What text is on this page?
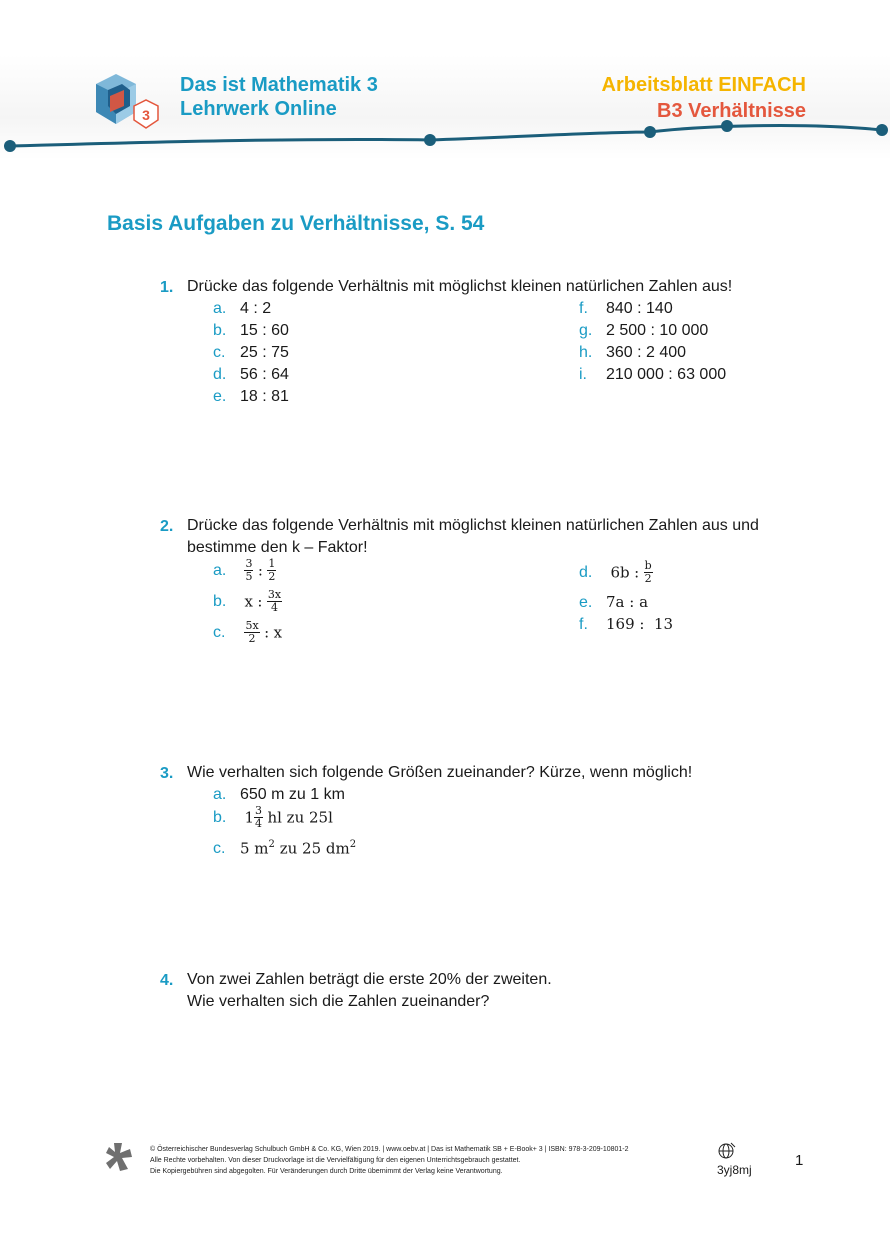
3
Das ist Mathematik 3
Lehrwerk Online
Arbeitsblatt EINFACH
B3 Verhältnisse
Basis Aufgaben zu Verhältnisse, S. 54
1. Drücke das folgende Verhältnis mit möglichst kleinen natürlichen Zahlen aus!
a. 4 : 2
b. 15 : 60
c. 25 : 75
d. 56 : 64
e. 18 : 81
f. 840 : 140
g. 2 500 : 10 000
h. 360 : 2 400
i. 210 000 : 63 000
2. Drücke das folgende Verhältnis mit möglichst kleinen natürlichen Zahlen aus und
bestimme den k – Faktor!
a. $\frac{3}{5}$ : $\frac{1}{2}$
b. x : $\frac{3x}{4}$
c. $\frac{5x}{2}$ : x
d. 6b : $\frac{b}{2}$
e. 7a : a
f. 169 :  13
3. Wie verhalten sich folgende Größen zueinander? Kürze, wenn möglich!
a. 650 m zu 1 km
b. $1 \frac{3}{4}$ hl zu 25l
c. 5 $m^2$ zu 25 $dm^2$
4. Von zwei Zahlen beträgt die erste 20% der zweiten.
Wie verhalten sich die Zahlen zueinander?
© Österreichischer Bundesverlag Schulbuch GmbH & Co. KG, Wien 2019. | www.oebv.at | Das ist Mathematik SB + E-Book+ 3 | ISBN: 978-3-209-10801-2
Alle Rechte vorbehalten. Von dieser Druckvorlage ist die Vervielfältigung für den eigenen Unterrichtsgebrauch gestattet.
Die Kopiergebühren sind abgegolten. Für Veränderungen durch Dritte übernimmt der Verlag keine Verantwortung.	3yj8mj
1
